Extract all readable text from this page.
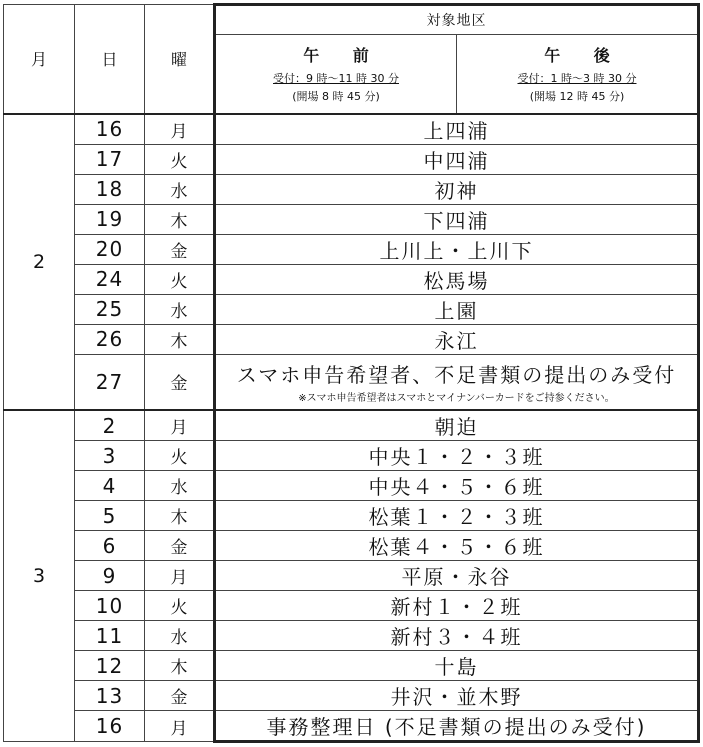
月	日	曜	対象地区	

			午 前
受付：9 時～11 時 30 分
(開場 8 時 45 分)	午 後
受付：1 時～3 時 30 分
(開場 12 時 45 分)

2	16	月	上四浦	
	17	火	中四浦	
	18	水	初神	
	19	木	下四浦	
	20	金	上川上・上川下	
	24	火	松馬場	
	25	水	上園	
	26	木	永江	
	27	金	スマホ申告希望者、不足書類の提出のみ受付
※スマホ申告希望者はスマホとマイナンバーカードをご持参ください。	

3	2	月	朝迫	
	3	火	中央１・２・３班	
	4	水	中央４・５・６班	
	5	木	松葉１・２・３班	
	6	金	松葉４・５・６班	
	9	月	平原・永谷	
	10	火	新村１・２班	
	11	水	新村３・４班	
	12	木	十島	
	13	金	井沢・並木野	
	16	月	事務整理日 (不足書類の提出のみ受付)	
